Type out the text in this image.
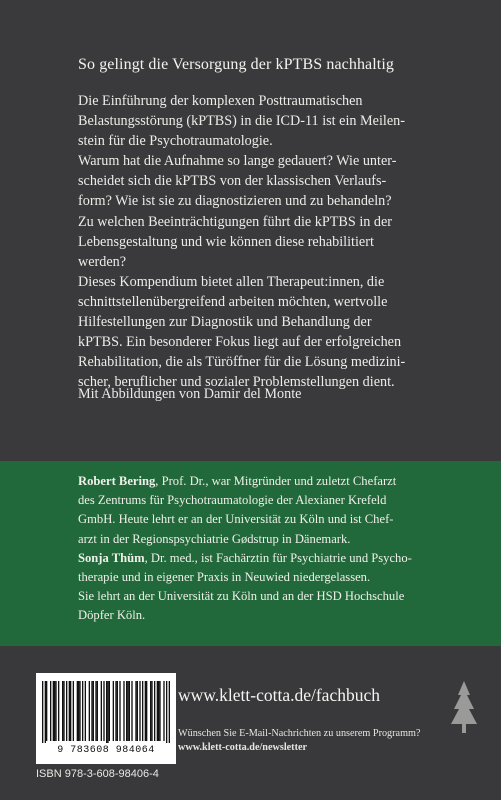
So gelingt die Versorgung der kPTBS nachhaltig

Die Einführung der komplexen Posttraumatischen

Belastungsstörung (kPTBS) in die ICD-11 ist ein Meilen-

stein für die Psychotraumatologie.

Warum hat die Aufnahme so lange gedauert? Wie unter-

scheidet sich die kPTBS von der klassischen Verlaufs-

form? Wie ist sie zu diagnostizieren und zu behandeln?

Zu welchen Beeinträchtigungen führt die kPTBS in der

Lebensgestaltung und wie können diese rehabilitiert

werden?

Dieses Kompendium bietet allen Therapeut:innen, die

schnittstellenübergreifend arbeiten möchten, wertvolle

Hilfestellungen zur Diagnostik und Behandlung der

kPTBS. Ein besonderer Fokus liegt auf der erfolgreichen

Rehabilitation, die als Türöffner für die Lösung medizini-

scher, beruflicher und sozialer Problemstellungen dient.

Mit Abbildungen von Damir del Monte

Robert Bering, Prof. Dr., war Mitgründer und zuletzt Chefarzt

des Zentrums für Psychotraumatologie der Alexianer Krefeld

GmbH. Heute lehrt er an der Universität zu Köln und ist Chef-

arzt in der Regionspsychiatrie Gødstrup in Dänemark.

Sonja Thüm, Dr. med., ist Fachärztin für Psychiatrie und Psycho-

therapie und in eigener Praxis in Neuwied niedergelassen.

Sie lehrt an der Universität zu Köln und an der HSD Hochschule

Döpfer Köln.

9 783608 984064
ISBN 978-3-608-98406-4
www.klett-cotta.de/fachbuch
Wünschen Sie E-Mail-Nachrichten zu unserem Programm?
www.klett-cotta.de/newsletter
